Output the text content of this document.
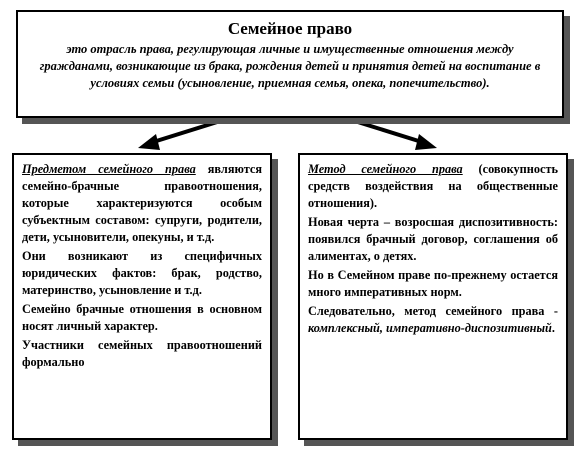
Семейное право
это отрасль права, регулирующая личные и имущественные отношения между гражданами, возникающие из брака, рождения детей и принятия детей на воспитание в условиях семьи (усыновление, приемная семья, опека, попечительство).

Предметом семейного права являются семейно-брачные правоотношения, которые характеризуются особым субъектным составом: супруги, родители, дети, усыновители, опекуны, и т.д.

Они возникают из специфичных юридических фактов: брак, родство, материнство, усыновление и т.д.

Семейно брачные отношения в основном носят личный характер.

Участники семейных правоотношений формально

Метод семейного права (совокупность средств воздействия на общественные отношения).

Новая черта – возросшая диспозитивность: появился брачный договор, соглашения об алиментах, о детях.

Но в Семейном праве по-прежнему остается много императивных норм.

Следовательно, метод семейного права - комплексный, императивно-диспозитивный.
